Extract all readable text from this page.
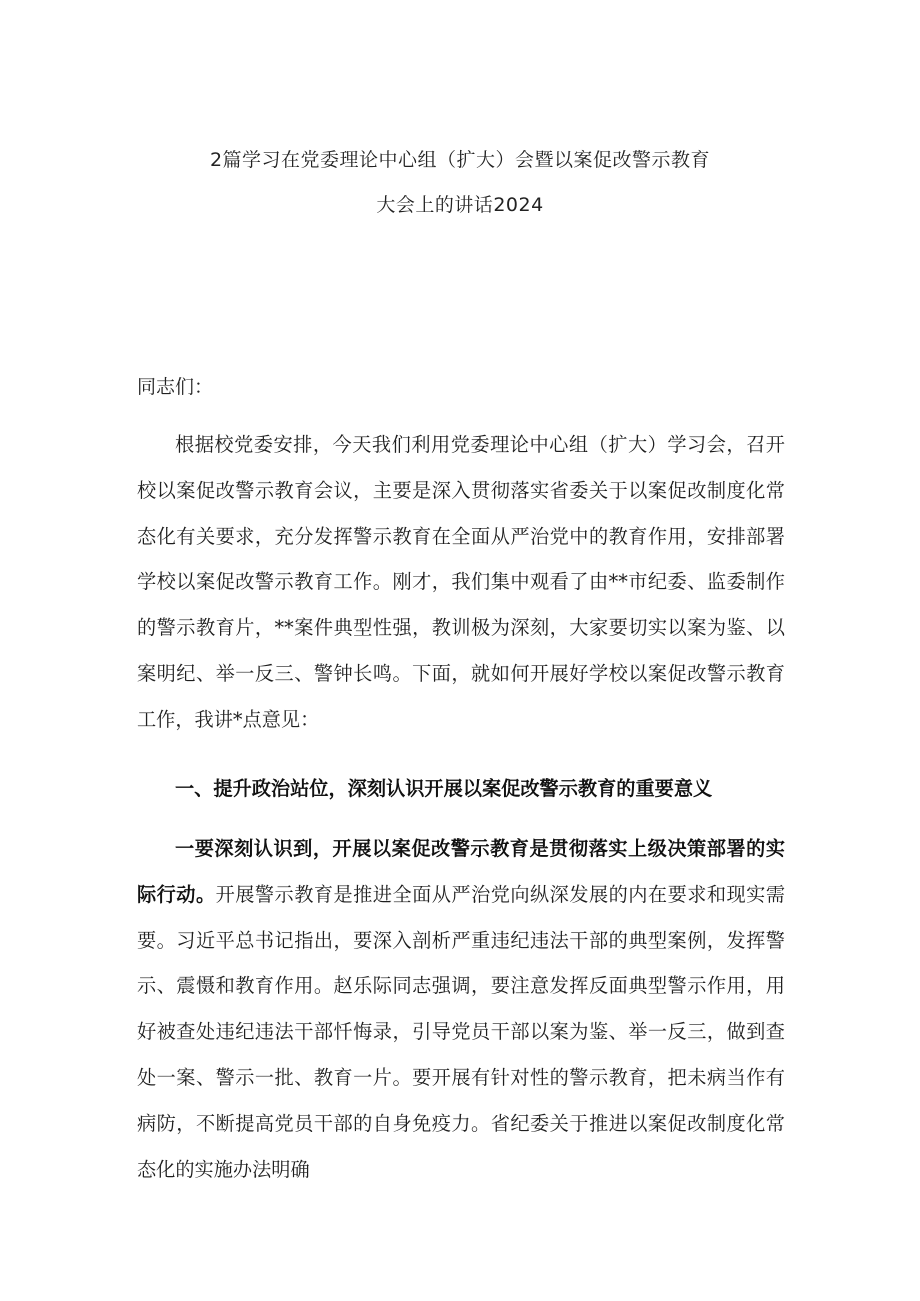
2篇学习在党委理论中心组（扩大）会暨以案促改警示教育
大会上的讲话2024
同志们：
根据校党委安排，今天我们利用党委理论中心组（扩大）学习会，召开校以案促改警示教育会议，主要是深入贯彻落实省委关于以案促改制度化常态化有关要求，充分发挥警示教育在全面从严治党中的教育作用，安排部署学校以案促改警示教育工作。刚才，我们集中观看了由**市纪委、监委制作的警示教育片，**案件典型性强，教训极为深刻，大家要切实以案为鉴、以案明纪、举一反三、警钟长鸣。下面，就如何开展好学校以案促改警示教育工作，我讲*点意见：
一、提升政治站位，深刻认识开展以案促改警示教育的重要意义
一要深刻认识到，开展以案促改警示教育是贯彻落实上级决策部署的实际行动。开展警示教育是推进全面从严治党向纵深发展的内在要求和现实需要。习近平总书记指出，要深入剖析严重违纪违法干部的典型案例，发挥警示、震慑和教育作用。赵乐际同志强调，要注意发挥反面典型警示作用，用好被查处违纪违法干部忏悔录，引导党员干部以案为鉴、举一反三，做到查处一案、警示一批、教育一片。要开展有针对性的警示教育，把未病当作有病防，不断提高党员干部的自身免疫力。省纪委关于推进以案促改制度化常态化的实施办法明确
